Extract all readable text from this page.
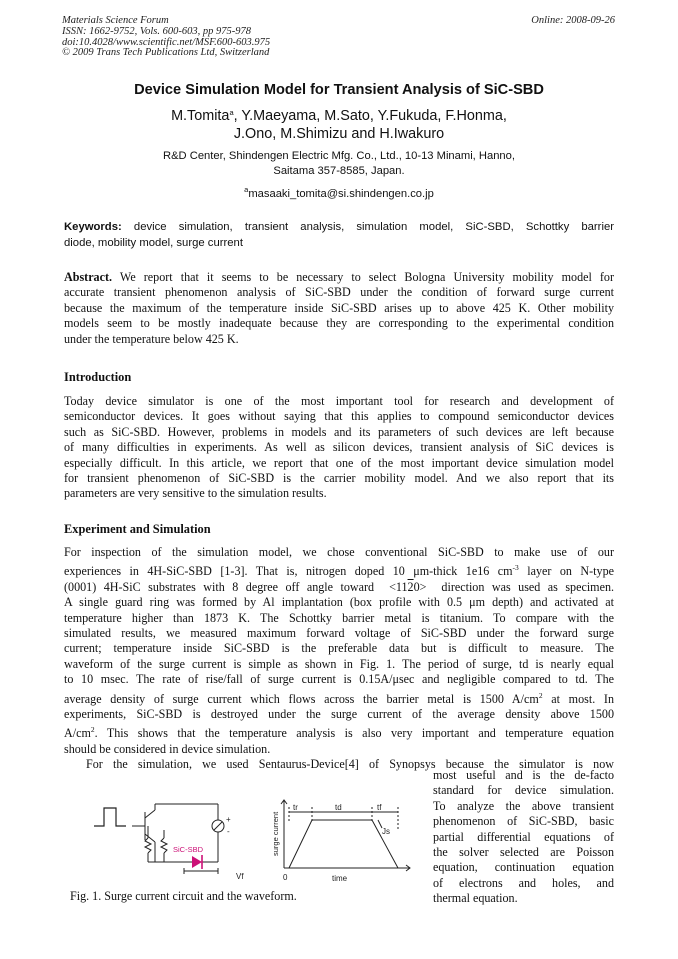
Materials Science Forum
ISSN: 1662-9752, Vols. 600-603, pp 975-978
doi:10.4028/www.scientific.net/MSF.600-603.975
© 2009 Trans Tech Publications Ltd, Switzerland
Online: 2008-09-26
Device Simulation Model for Transient Analysis of SiC-SBD
M.Tomita$^a$, Y.Maeyama, M.Sato, Y.Fukuda, F.Honma,
J.Ono, M.Shimizu and H.Iwakuro
R&D Center, Shindengen Electric Mfg. Co., Ltd., 10-13 Minami, Hanno,
Saitama 357-8585, Japan.
$^a$masaaki_tomita@si.shindengen.co.jp
Keywords: device simulation, transient analysis, simulation model, SiC-SBD, Schottky barrier
diode, mobility model, surge current
Abstract. We report that it seems to be necessary to select Bologna University mobility model for
accurate transient phenomenon analysis of SiC-SBD under the condition of forward surge current
because the maximum of the temperature inside SiC-SBD arises up to above 425 K. Other mobility
models seem to be mostly inadequate because they are corresponding to the experimental condition
under the temperature below 425 K.
Introduction
Today device simulator is one of the most important tool for research and development of
semiconductor devices. It goes without saying that this applies to compound semiconductor devices
such as SiC-SBD. However, problems in models and its parameters of such devices are left because
of many difficulties in experiments. As well as silicon devices, transient analysis of SiC devices is
especially difficult. In this article, we report that one of the most important device simulation model
for transient phenomenon of SiC-SBD is the carrier mobility model. And we also report that its
parameters are very sensitive to the simulation results.
Experiment and Simulation
For inspection of the simulation model, we chose conventional SiC-SBD to make use of our
experiences in 4H-SiC-SBD [1-3]. That is, nitrogen doped 10 μm-thick 1e16 $cm^{-3}$ layer on N-type
(0001) 4H-SiC substrates with 8 degree off angle toward <1120> direction was used as specimen.
A single guard ring was formed by Al implantation (box profile with 0.5 μm depth) and activated at
temperature higher than 1873 K. The Schottky barrier metal is titanium. To compare with the
simulated results, we measured maximum forward voltage of SiC-SBD under the forward surge
current; temperature inside SiC-SBD is the preferable data but is difficult to measure. The
waveform of the surge current is simple as shown in Fig. 1. The period of surge, td is nearly equal
to 10 msec. The rate of rise/fall of surge current is 0.15A/μsec and negligible compared to td. The
average density of surge current which flows across the barrier metal is 1500 $A/cm^2$ at most. In
experiments, SiC-SBD is destroyed under the surge current of the average density above 1500
$A/cm^2$. This shows that the temperature analysis is also very important and temperature equation
should be considered in device simulation.
For the simulation, we used Sentaurus-Device[4] of Synopsys because the simulator is now
most useful and is the de-facto
standard for device simulation.
To analyze the above transient
phenomenon of SiC-SBD, basic
partial differential equations of
the solver selected are Poisson
equation, continuation equation
of electrons and holes, and
thermal equation.
SiC-SBD
Vf
+
-
tr	td	tf
Js
0	time
surge current
Fig. 1. Surge current circuit and the waveform.
